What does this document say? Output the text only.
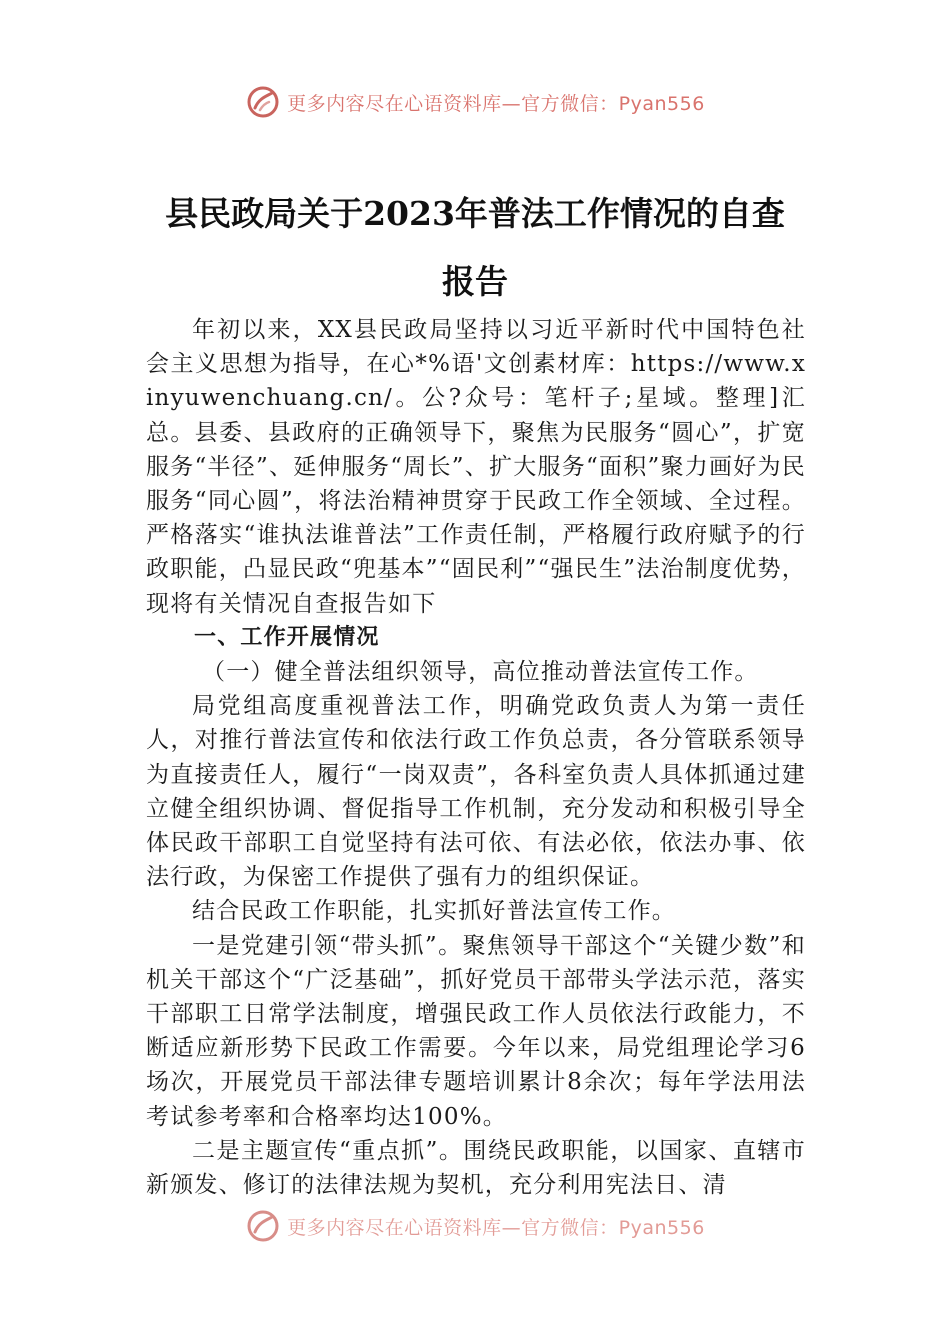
更多内容尽在心语资料库—官方微信：Pyan556
县民政局关于2023年普法工作情况的自查
报告

年初以来，XX县民政局坚持以习近平新时代中国特色社会主义思想为指导，在心*%语'文创素材库：https://www.xinyuwenchuang.cn/。公?众号：笔杆子;星域。整理]汇总。县委、县政府的正确领导下，聚焦为民服务“圆心”，扩宽服务“半径”、延伸服务“周长”、扩大服务“面积”聚力画好为民服务“同心圆”，将法治精神贯穿于民政工作全领域、全过程。严格落实“谁执法谁普法”工作责任制，严格履行政府赋予的行政职能，凸显民政“兜基本”“固民利”“强民生”法治制度优势，现将有关情况自查报告如下

一、工作开展情况

（一）健全普法组织领导，高位推动普法宣传工作。

局党组高度重视普法工作，明确党政负责人为第一责任人，对推行普法宣传和依法行政工作负总责，各分管联系领导为直接责任人，履行“一岗双责”，各科室负责人具体抓通过建立健全组织协调、督促指导工作机制，充分发动和积极引导全体民政干部职工自觉坚持有法可依、有法必依，依法办事、依法行政，为保密工作提供了强有力的组织保证。

结合民政工作职能，扎实抓好普法宣传工作。

一是党建引领“带头抓”。聚焦领导干部这个“关键少数”和机关干部这个“广泛基础”，抓好党员干部带头学法示范，落实干部职工日常学法制度，增强民政工作人员依法行政能力，不断适应新形势下民政工作需要。今年以来，局党组理论学习6场次，开展党员干部法律专题培训累计8余次；每年学法用法考试参考率和合格率均达100%。

二是主题宣传“重点抓”。围绕民政职能，以国家、直辖市新颁发、修订的法律法规为契机，充分利用宪法日、清

更多内容尽在心语资料库—官方微信：Pyan556
